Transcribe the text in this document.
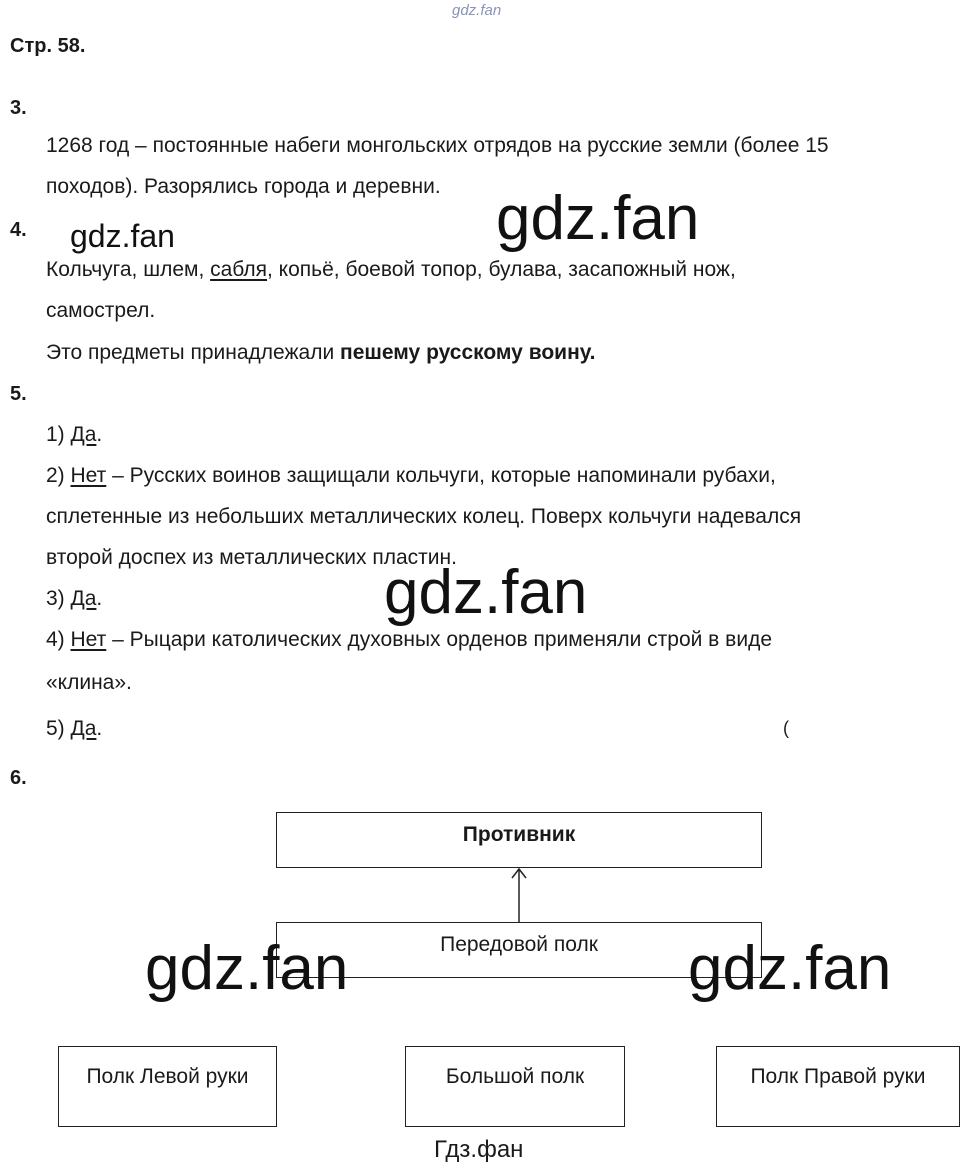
gdz.fan
Стр. 58.
3.
1268 год – постоянные набеги монгольских отрядов на русские земли (более 15
походов). Разорялись города и деревни.
4.
Кольчуга, шлем, сабля, копьё, боевой топор, булава, засапожный нож,
самострел.
Это предметы принадлежали пешему русскому воину.
5.
1) Да.
2) Нет – Русских воинов защищали кольчуги, которые напоминали рубахи,
сплетенные из небольших металлических колец. Поверх кольчуги надевался
второй доспех из металлических пластин.
3) Да.
4) Нет – Рыцари католических духовных орденов применяли строй в виде
«клина».
5) Да.	(
6.
Противник
Передовой полк
Полк Левой руки	Большой полк	Полк Правой руки
gdz.fan	gdz.fan
gdz.fan
gdz.fan	gdz.fan
Гдз.фан
